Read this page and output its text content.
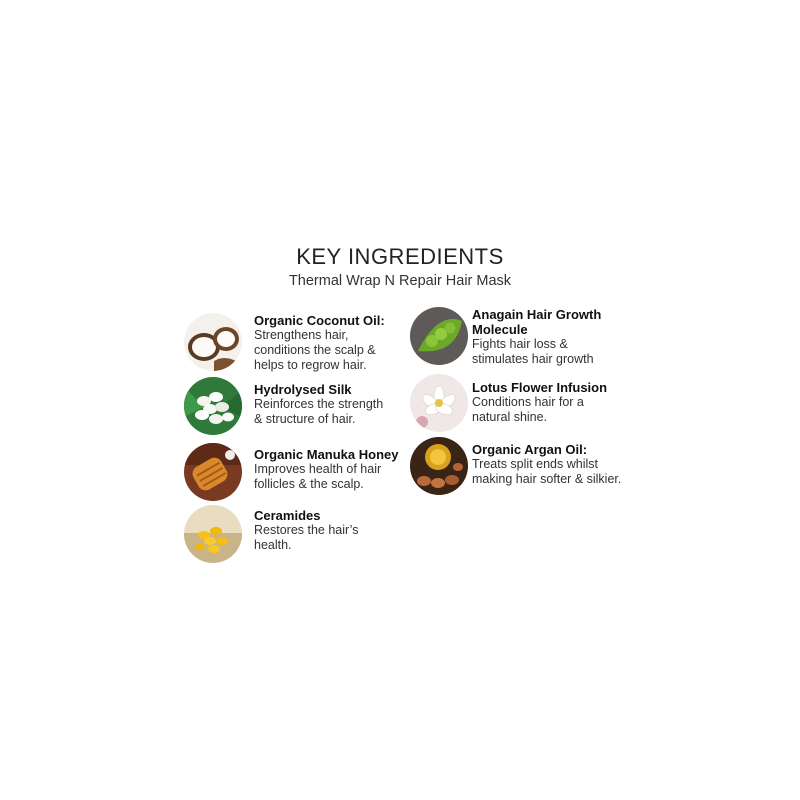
KEY INGREDIENTS
Thermal Wrap N Repair Hair Mask
Organic Coconut Oil:
Strengthens hair,
conditions the scalp &
helps to regrow hair.
Hydrolysed Silk
Reinforces the strength
& structure of hair.
Organic Manuka Honey
Improves health of hair
follicles & the scalp.
Ceramides
Restores the hair’s
health.
Anagain Hair Growth
Molecule
Fights hair loss &
stimulates hair growth
Lotus Flower Infusion
Conditions hair for a
natural shine.
Organic Argan Oil:
Treats split ends whilst
making hair softer & silkier.
